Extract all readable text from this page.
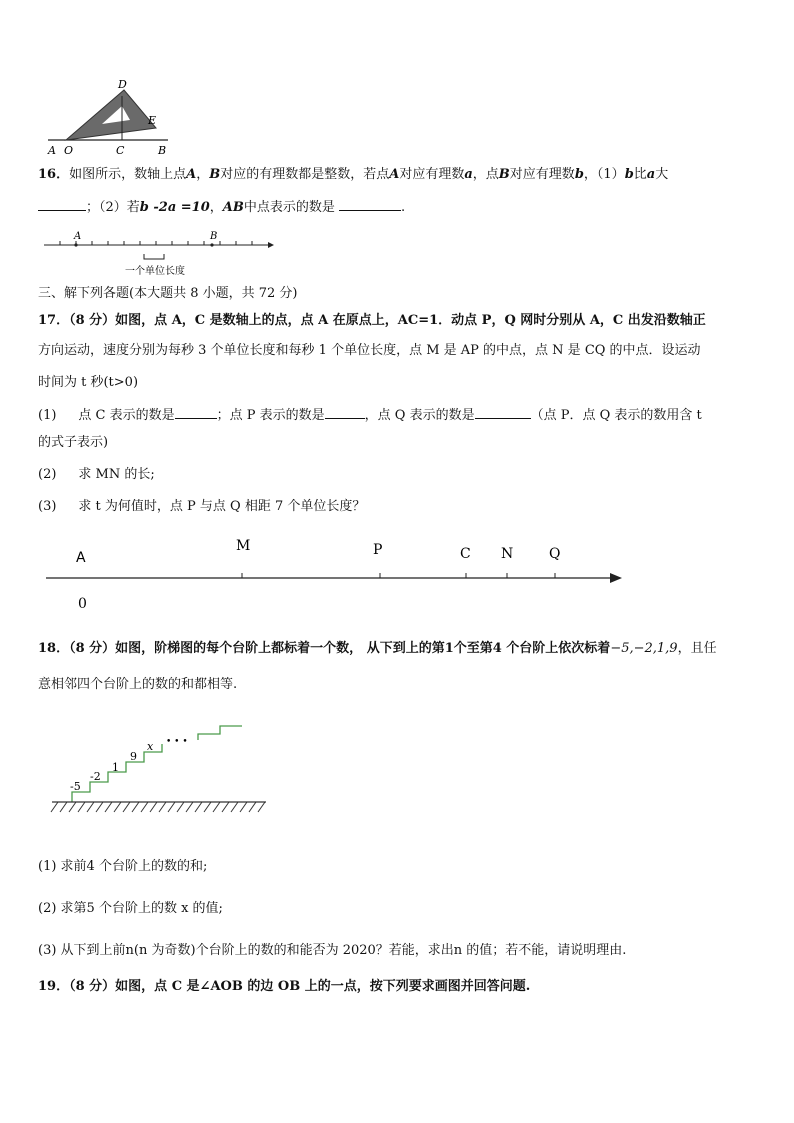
D
E
A O	C	B
16．如图所示，数轴上点A，B对应的有理数都是整数，若点A对应有理数a，点B对应有理数b，（1）b比a大
；（2）若b -2a =10，AB中点表示的数是	.
A	B
一个单位长度
三、解下列各题(本大题共 8 小题，共 72 分)
17．（8 分）如图，点 A，C 是数轴上的点，点 A 在原点上，AC=1．动点 P，Q 网时分别从 A，C 出发沿数轴正
方向运动，速度分别为每秒 3 个单位长度和每秒 1 个单位长度，点 M 是 AP 的中点，点 N 是 CQ 的中点．设运动
时间为 t 秒(t>0)
(1) 点 C 表示的数是	；点 P 表示的数是	，点 Q 表示的数是	（点 P．点 Q 表示的数用含 t
的式子表示)
(2) 求 MN 的长;
(3) 求 t 为何值时，点 P 与点 Q 相距 7 个单位长度？
A
M	P	C N	Q
0
18．（8 分）如图，阶梯图的每个台阶上都标着一个数， 从下到上的第1个至第4 个台阶上依次标着−5,−2,1,9，且任
意相邻四个台阶上的数的和都相等.
-5
-2
1
9
x • • •
(1) 求前4 个台阶上的数的和;
(2) 求第5 个台阶上的数 x 的值;
(3) 从下到上前n(n 为奇数)个台阶上的数的和能否为 2020？若能，求出n 的值；若不能，请说明理由.
19．（8 分）如图，点 C 是∠AOB 的边 OB 上的一点，按下列要求画图并回答问题.
